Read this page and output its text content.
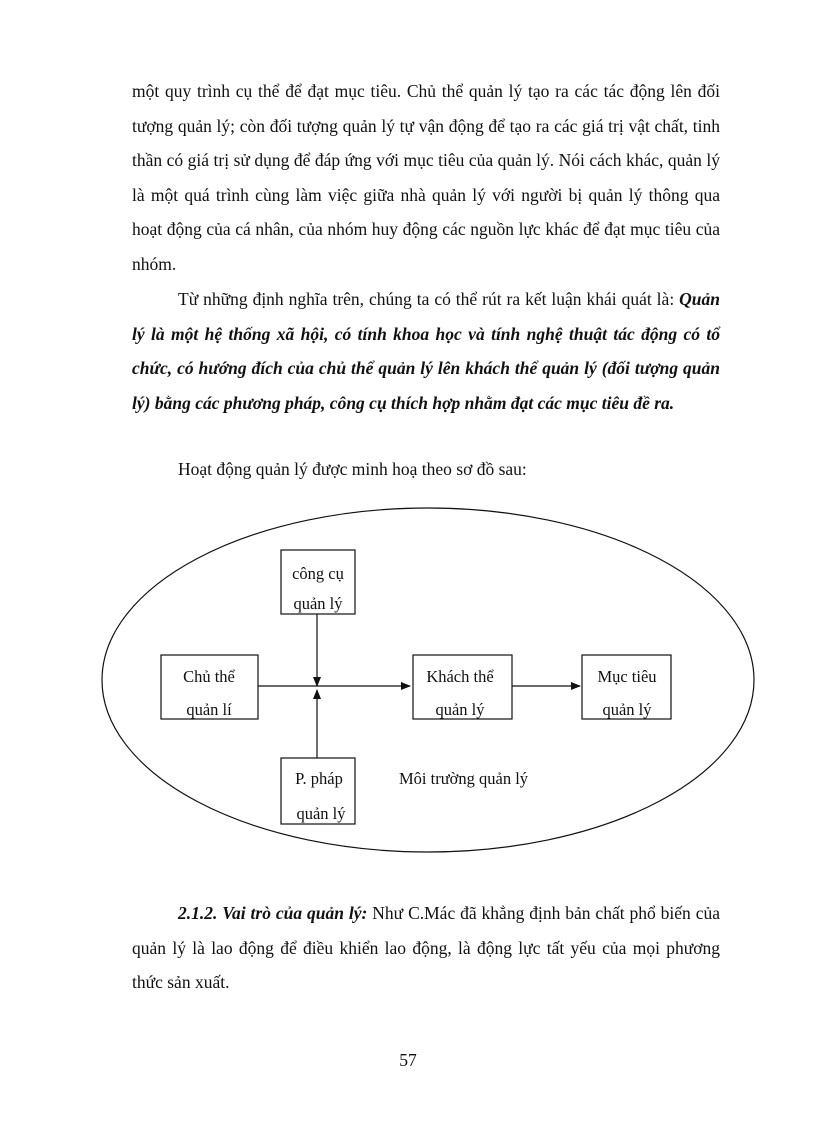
một quy trình cụ thể để đạt mục tiêu. Chủ thể quản lý tạo ra các tác động lên đối tượng quản lý; còn đối tượng quản lý tự vận động để tạo ra các giá trị vật chất, tinh thần có giá trị sử dụng để đáp ứng với mục tiêu của quản lý. Nói cách khác, quản lý là một quá trình cùng làm việc giữa nhà quản lý với người bị quản lý thông qua hoạt động của cá nhân, của nhóm huy động các nguồn lực khác để đạt mục tiêu của nhóm.

Từ những định nghĩa trên, chúng ta có thể rút ra kết luận khái quát là: Quản lý là một hệ thống xã hội, có tính khoa học và tính nghệ thuật tác động có tổ chức, có hướng đích của chủ thể quản lý lên khách thể quản lý (đối tượng quản lý) bằng các phương pháp, công cụ thích hợp nhằm đạt các mục tiêu đề ra.

Hoạt động quản lý được minh hoạ theo sơ đồ sau:
công cụ
quản lý
Chủ thể
quản lí
Khách thể
quản lý
Mục tiêu
quản lý
P. pháp
quản lý
Môi trường quản lý

2.1.2. Vai trò của quản lý: Như C.Mác đã khẳng định bản chất phổ biến của quản lý là lao động để điều khiển lao động, là động lực tất yếu của mọi phương thức sản xuất.

57
